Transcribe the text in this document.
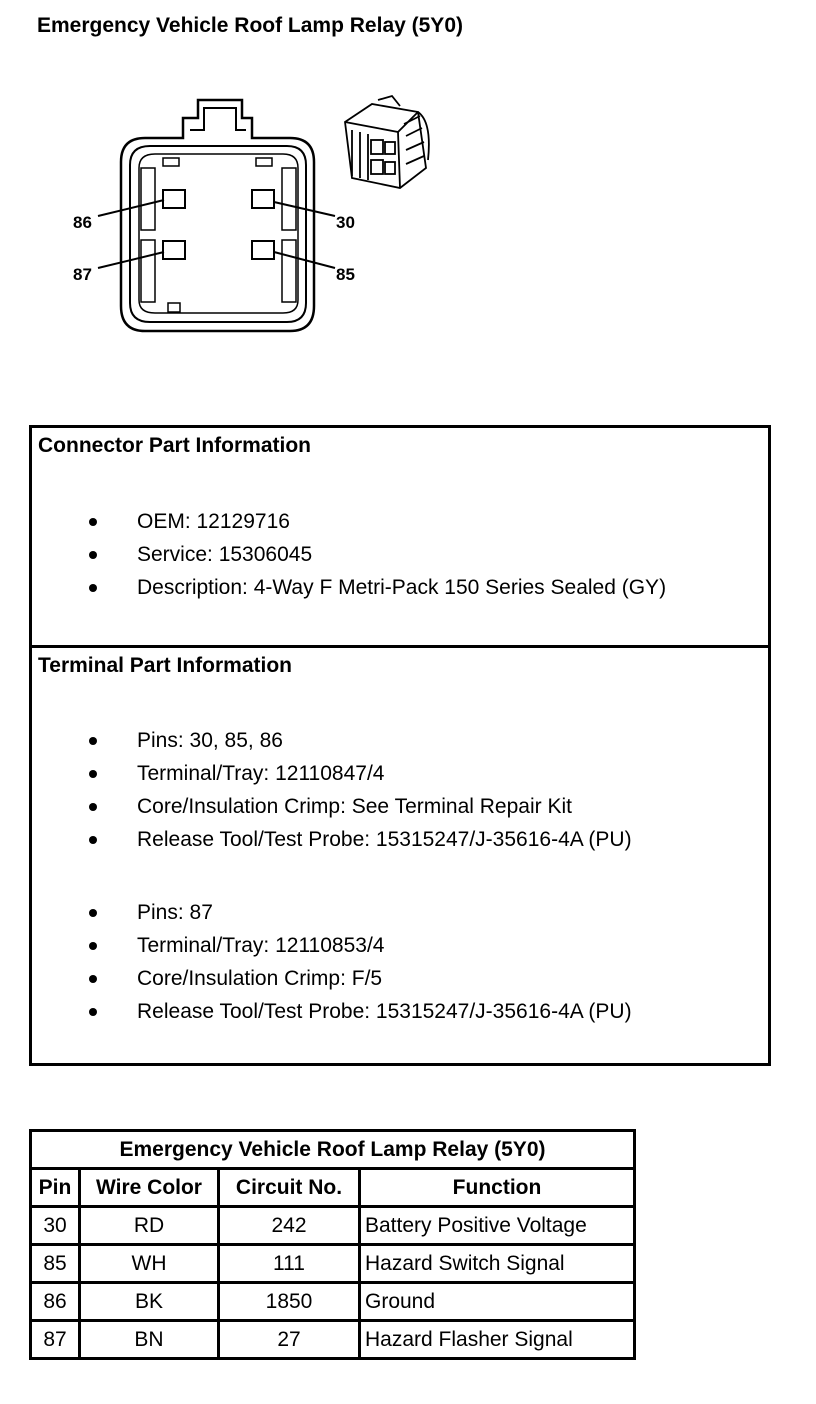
Emergency Vehicle Roof Lamp Relay (5Y0)
86	30
87	85
Connector Part Information
OEM: 12129716
Service: 15306045
Description: 4-Way F Metri-Pack 150 Series Sealed (GY)
Terminal Part Information
Pins: 30, 85, 86
Terminal/Tray: 12110847/4
Core/Insulation Crimp: See Terminal Repair Kit
Release Tool/Test Probe: 15315247/J-35616-4A (PU)
Pins: 87
Terminal/Tray: 12110853/4
Core/Insulation Crimp: F/5
Release Tool/Test Probe: 15315247/J-35616-4A (PU)
Emergency Vehicle Roof Lamp Relay (5Y0)			
Pin	Wire Color	Circuit No.	Function
30	RD	242	Battery Positive Voltage
85	WH	111	Hazard Switch Signal
86	BK	1850	Ground
87	BN	27	Hazard Flasher Signal
